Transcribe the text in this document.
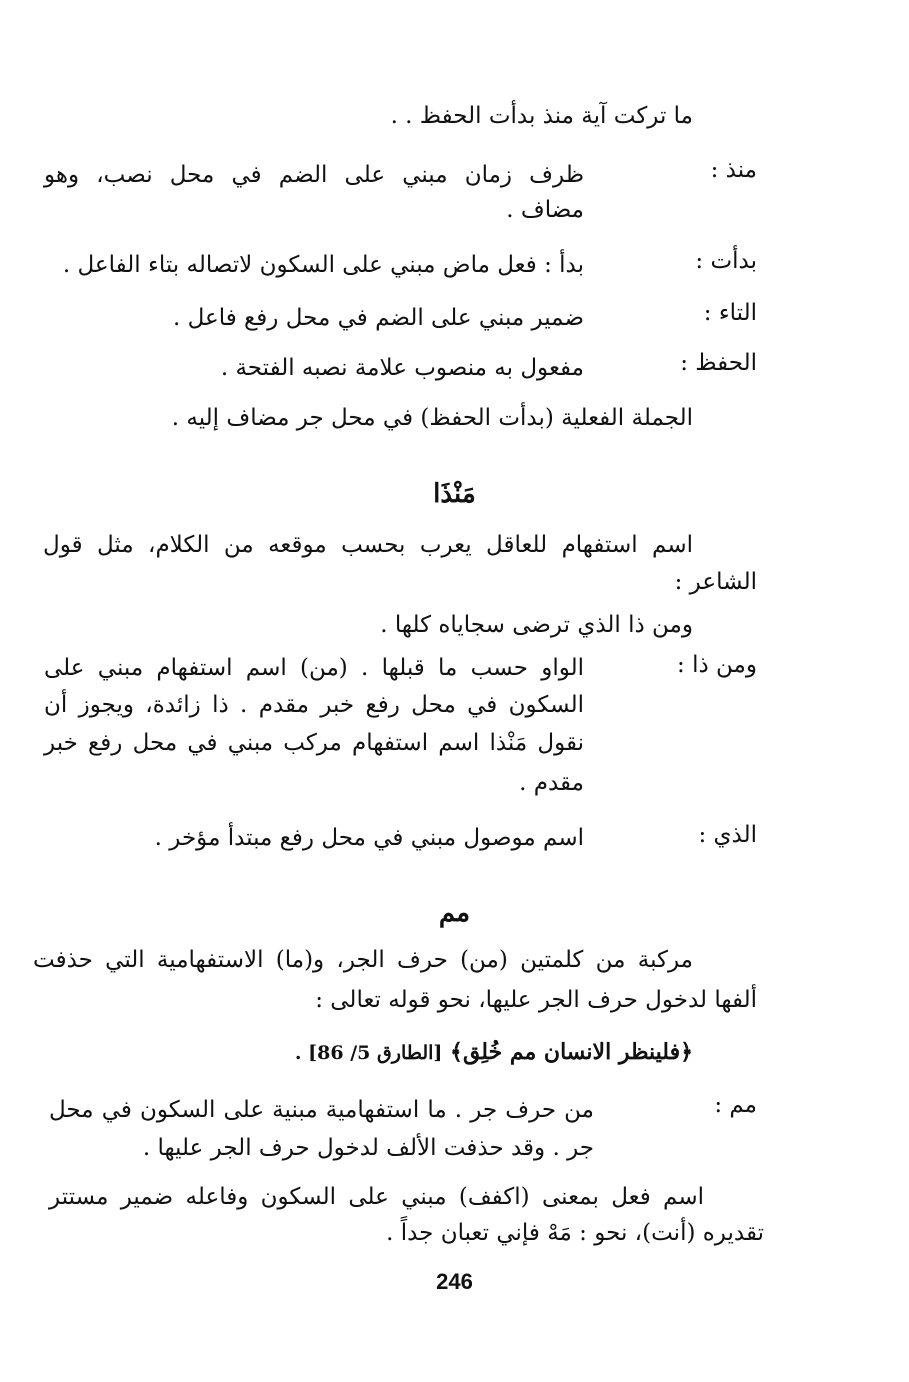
ما تركت آية منذ بدأت الحفظ . .
منذ :
ظرف زمان مبني على الضم في محل نصب، وهو
مضاف .
بدأت :
بدأ : فعل ماض مبني على السكون لاتصاله بتاء الفاعل .
التاء :
ضمير مبني على الضم في محل رفع فاعل .
الحفظ :
مفعول به منصوب علامة نصبه الفتحة .
الجملة الفعلية (بدأت الحفظ) في محل جر مضاف إليه .
مَنْذَا
اسم استفهام للعاقل يعرب بحسب موقعه من الكلام، مثل قول
الشاعر :
ومن ذا الذي ترضى سجاياه كلها .
ومن ذا :
الواو حسب ما قبلها . (من) اسم استفهام مبني على
السكون في محل رفع خبر مقدم . ذا زائدة، ويجوز أن
نقول مَنْذا اسم استفهام مركب مبني في محل رفع خبر
مقدم .
الذي :
اسم موصول مبني في محل رفع مبتدأ مؤخر .
مم
مركبة من كلمتين (من) حرف الجر، و(ما) الاستفهامية التي حذفت
ألفها لدخول حرف الجر عليها، نحو قوله تعالى :
﴿فلينظر الانسان مم خُلِق﴾ [الطارق 5/ 86] .
مم :
من حرف جر . ما استفهامية مبنية على السكون في محل
جر . وقد حذفت الألف لدخول حرف الجر عليها .
اسم فعل بمعنى (اكفف) مبني على السكون وفاعله ضمير مستتر
تقديره (أنت)، نحو : مَهْ فإني تعبان جداً .
246
